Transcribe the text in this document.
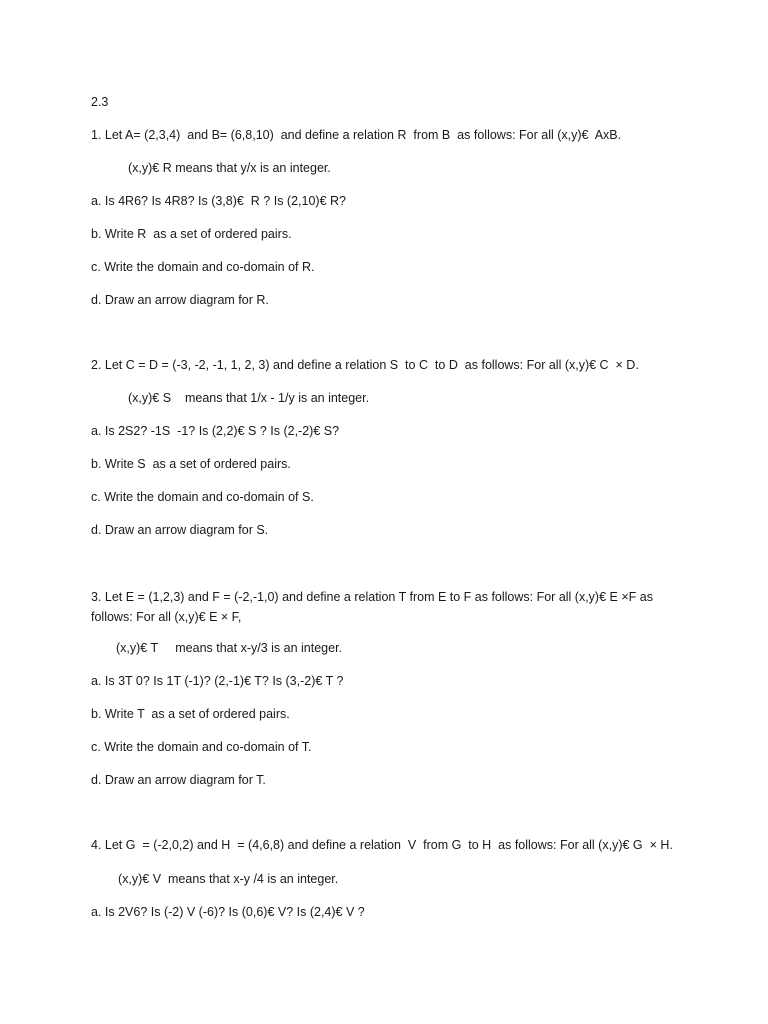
2.3
1. Let A= (2,3,4)  and B= (6,8,10)  and define a relation R  from B  as follows: For all (x,y)€  AxB.
(x,y)€ R means that y/x is an integer.
a. Is 4R6? Is 4R8? Is (3,8)€  R ? Is (2,10)€ R?
b. Write R  as a set of ordered pairs.
c. Write the domain and co-domain of R.
d. Draw an arrow diagram for R.
2. Let C = D = (-3, -2, -1, 1, 2, 3) and define a relation S  to C  to D  as follows: For all (x,y)€ C  × D.
(x,y)€ S    means that 1/x - 1/y is an integer.
a. Is 2S2? -1S  -1? Is (2,2)€ S ? Is (2,-2)€ S?
b. Write S  as a set of ordered pairs.
c. Write the domain and co-domain of S.
d. Draw an arrow diagram for S.
3. Let E = (1,2,3) and F = (-2,-1,0) and define a relation T from E to F as follows: For all (x,y)€ E ×F as follows: For all (x,y)€ E × F,
(x,y)€ T     means that x-y/3 is an integer.
a. Is 3T 0? Is 1T (-1)? (2,-1)€ T? Is (3,-2)€ T ?
b. Write T  as a set of ordered pairs.
c. Write the domain and co-domain of T.
d. Draw an arrow diagram for T.
4. Let G  = (-2,0,2) and H  = (4,6,8) and define a relation  V  from G  to H  as follows: For all (x,y)€ G  × H.
(x,y)€ V  means that x-y /4 is an integer.
a. Is 2V6? Is (-2) V (-6)? Is (0,6)€ V? Is (2,4)€ V ?
